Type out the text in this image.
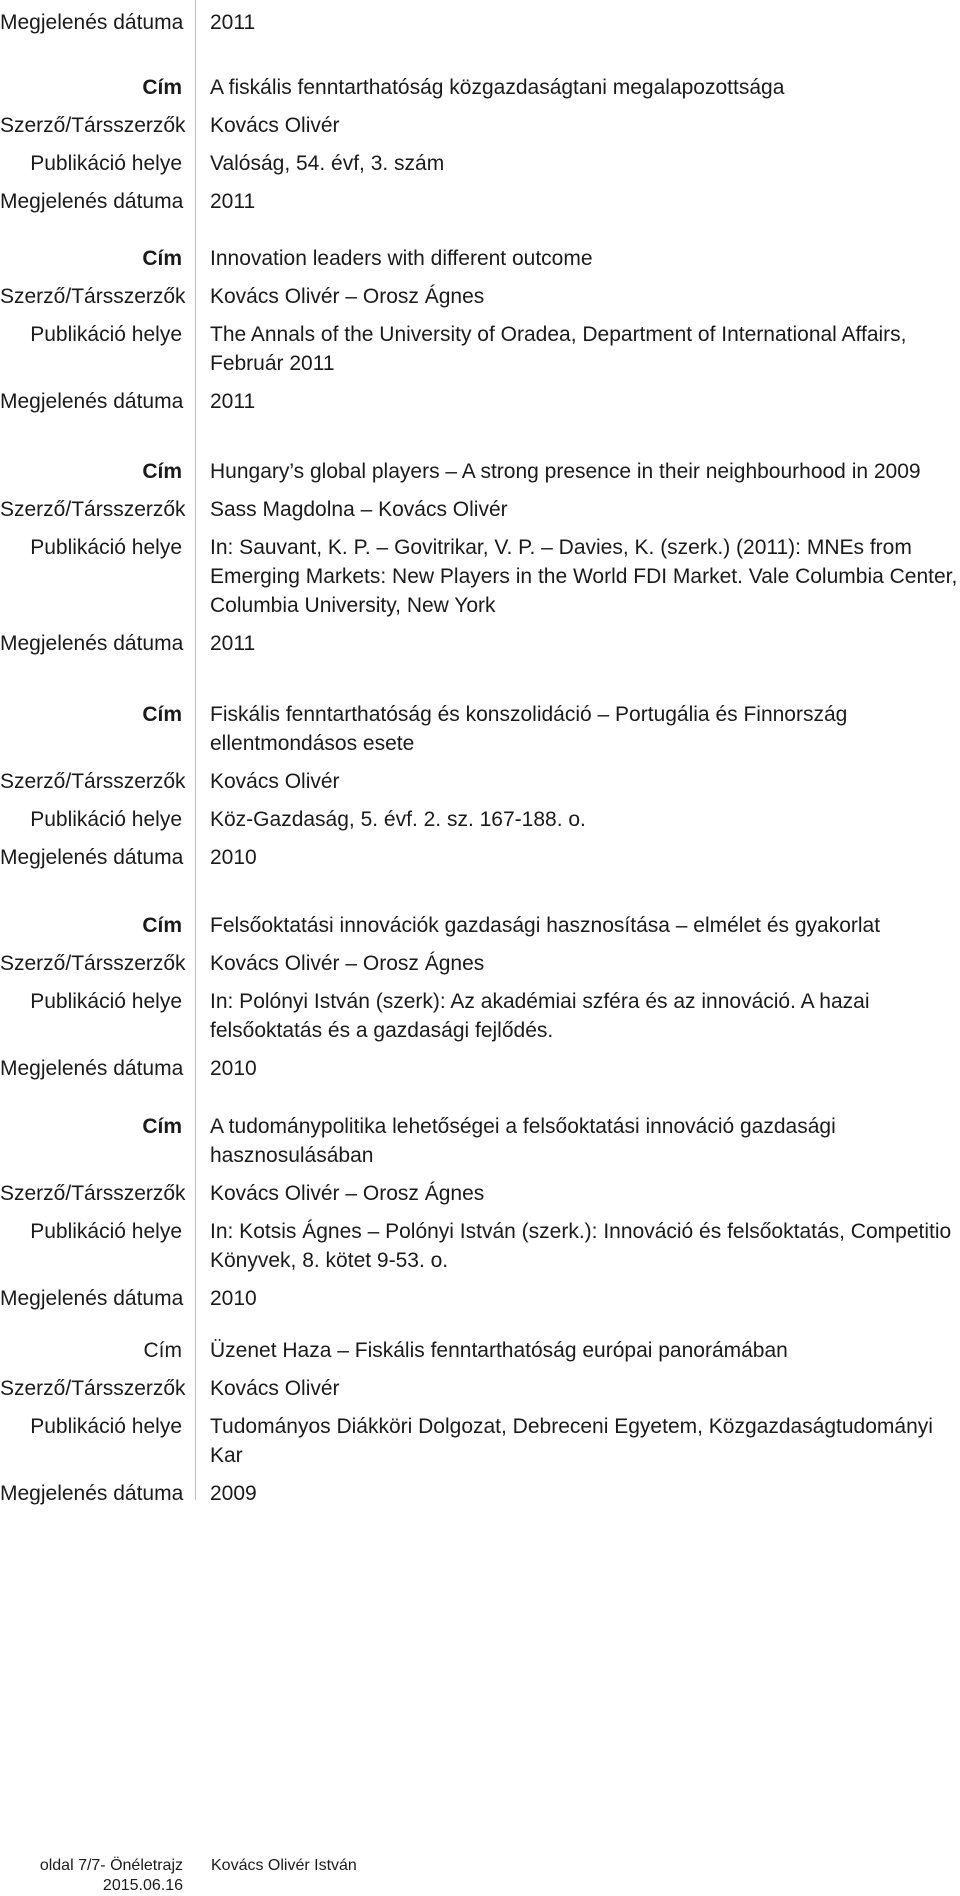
Megjelenés dátuma	2011
Cím	A fiskális fenntarthatóság közgazdaságtani megalapozottsága
Szerző/Társszerzők	Kovács Olivér
Publikáció helye	Valóság, 54. évf, 3. szám
Megjelenés dátuma	2011
Cím	Innovation leaders with different outcome
Szerző/Társszerzők	Kovács Olivér – Orosz Ágnes
Publikáció helye	The Annals of the University of Oradea, Department of International Affairs, Február 2011
Megjelenés dátuma	2011
Cím	Hungary’s global players – A strong presence in their neighbourhood in 2009
Szerző/Társszerzők	Sass Magdolna – Kovács Olivér
Publikáció helye	In: Sauvant, K. P. – Govitrikar, V. P. – Davies, K. (szerk.) (2011): MNEs from Emerging Markets: New Players in the World FDI Market. Vale Columbia Center, Columbia University, New York
Megjelenés dátuma	2011
Cím	Fiskális fenntarthatóság és konszolidáció – Portugália és Finnország ellentmondásos esete
Szerző/Társszerzők	Kovács Olivér
Publikáció helye	Köz-Gazdaság, 5. évf. 2. sz. 167-188. o.
Megjelenés dátuma	2010
Cím	Felsőoktatási innovációk gazdasági hasznosítása – elmélet és gyakorlat
Szerző/Társszerzők	Kovács Olivér – Orosz Ágnes
Publikáció helye	In: Polónyi István (szerk): Az akadémiai szféra és az innováció. A hazai felsőoktatás és a gazdasági fejlődés.
Megjelenés dátuma	2010
Cím	A tudománypolitika lehetőségei a felsőoktatási innováció gazdasági hasznosulásában
Szerző/Társszerzők	Kovács Olivér – Orosz Ágnes
Publikáció helye	In: Kotsis Ágnes – Polónyi István (szerk.): Innováció és felsőoktatás, Competitio Könyvek, 8. kötet 9-53. o.
Megjelenés dátuma	2010
Cím	Üzenet Haza – Fiskális fenntarthatóság európai panorámában
Szerző/Társszerzők	Kovács Olivér
Publikáció helye	Tudományos Diákköri Dolgozat, Debreceni Egyetem, Közgazdaságtudományi Kar
Megjelenés dátuma	2009
oldal 7/7- Önéletrajz
2015.06.16
Kovács Olivér István
